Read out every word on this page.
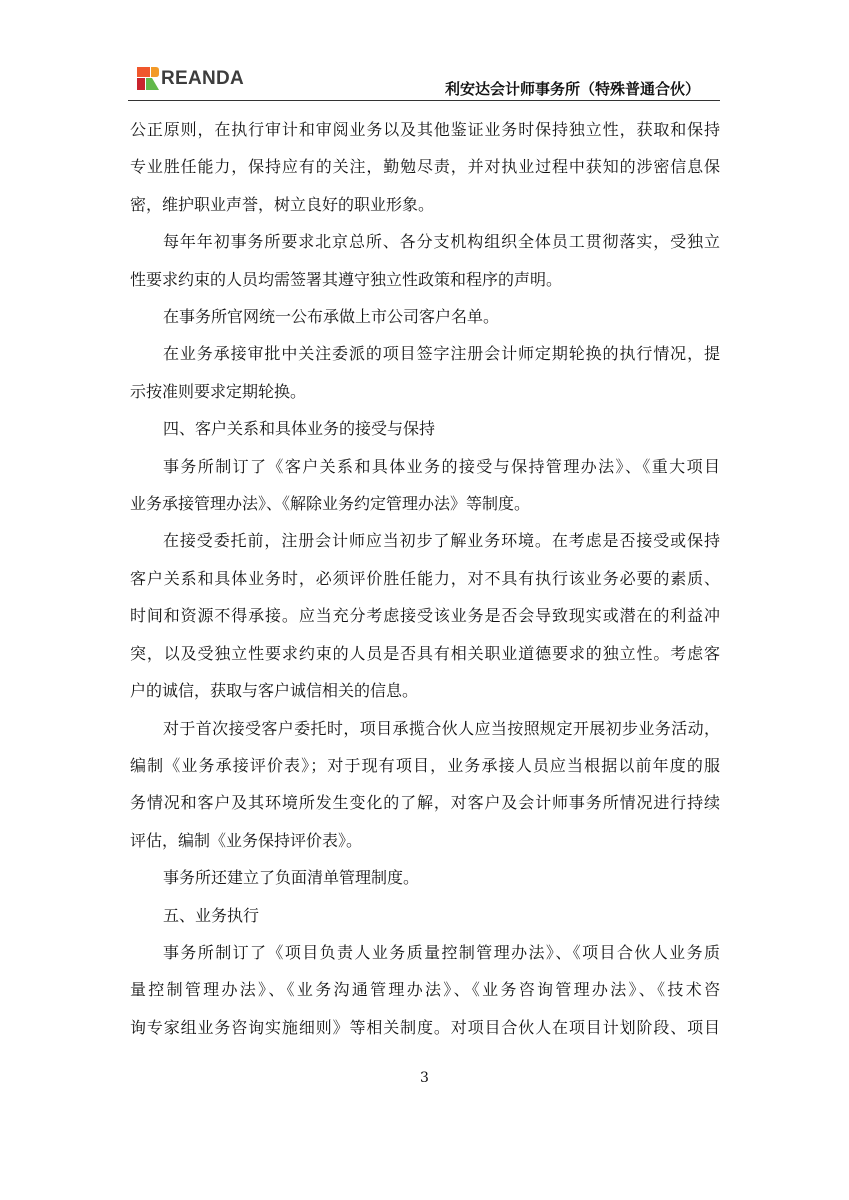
REANDA	利安达会计师事务所（特殊普通合伙）
公正原则，在执行审计和审阅业务以及其他鉴证业务时保持独立性，获取和保持
专业胜任能力，保持应有的关注，勤勉尽责，并对执业过程中获知的涉密信息保
密，维护职业声誉，树立良好的职业形象。
每年年初事务所要求北京总所、各分支机构组织全体员工贯彻落实，受独立
性要求约束的人员均需签署其遵守独立性政策和程序的声明。
在事务所官网统一公布承做上市公司客户名单。
在业务承接审批中关注委派的项目签字注册会计师定期轮换的执行情况，提
示按准则要求定期轮换。
四、客户关系和具体业务的接受与保持
事务所制订了《客户关系和具体业务的接受与保持管理办法》、《重大项目
业务承接管理办法》、《解除业务约定管理办法》等制度。
在接受委托前，注册会计师应当初步了解业务环境。在考虑是否接受或保持
客户关系和具体业务时，必须评价胜任能力，对不具有执行该业务必要的素质、
时间和资源不得承接。应当充分考虑接受该业务是否会导致现实或潜在的利益冲
突，以及受独立性要求约束的人员是否具有相关职业道德要求的独立性。考虑客
户的诚信，获取与客户诚信相关的信息。
对于首次接受客户委托时，项目承揽合伙人应当按照规定开展初步业务活动，
编制《业务承接评价表》；对于现有项目，业务承接人员应当根据以前年度的服
务情况和客户及其环境所发生变化的了解，对客户及会计师事务所情况进行持续
评估，编制《业务保持评价表》。
事务所还建立了负面清单管理制度。
五、业务执行
事务所制订了《项目负责人业务质量控制管理办法》、《项目合伙人业务质
量控制管理办法》、《业务沟通管理办法》、《业务咨询管理办法》、《技术咨
询专家组业务咨询实施细则》等相关制度。对项目合伙人在项目计划阶段、项目
3
